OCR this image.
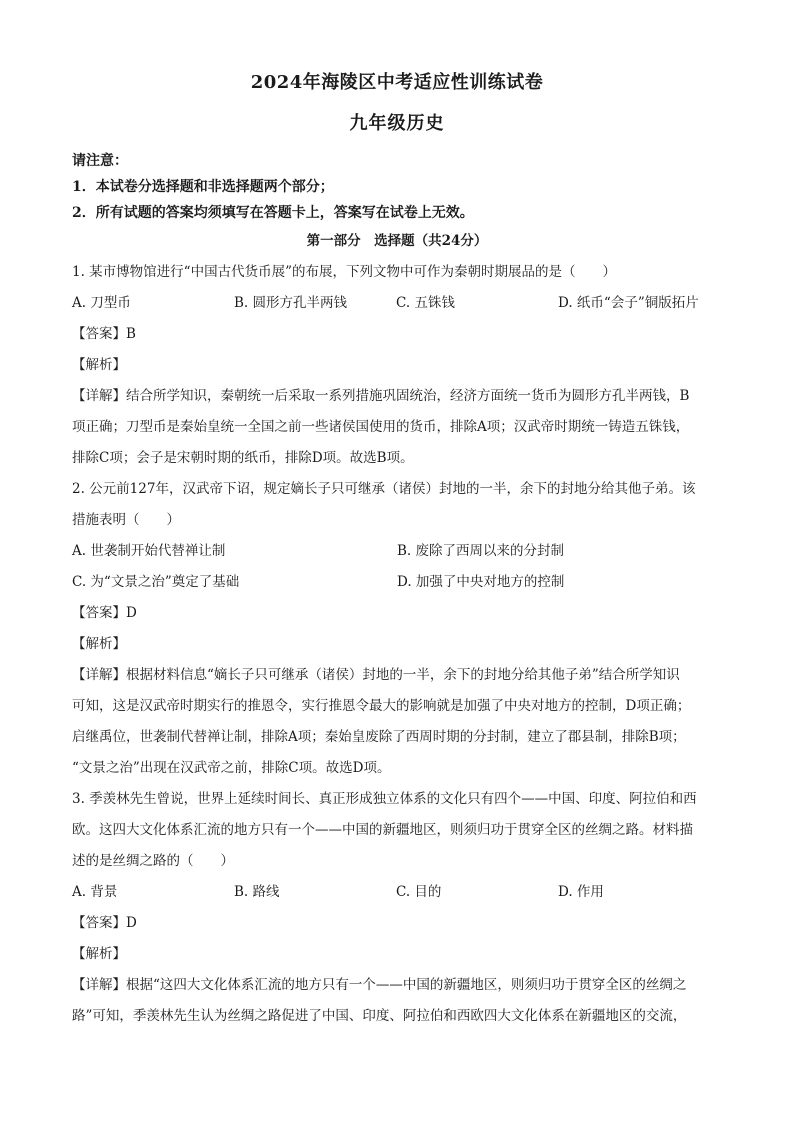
2024年海陵区中考适应性训练试卷
九年级历史
请注意：
1．本试卷分选择题和非选择题两个部分；
2．所有试题的答案均须填写在答题卡上，答案写在试卷上无效。
第一部分　选择题（共24分）
1. 某市博物馆进行“中国古代货币展”的布展，下列文物中可作为秦朝时期展品的是（　　）
A. 刀型币	B. 圆形方孔半两钱	C. 五铢钱	D. 纸币“会子”铜版拓片
【答案】B
【解析】
【详解】结合所学知识，秦朝统一后采取一系列措施巩固统治，经济方面统一货币为圆形方孔半两钱，B
项正确；刀型币是秦始皇统一全国之前一些诸侯国使用的货币，排除A项；汉武帝时期统一铸造五铢钱，
排除C项；会子是宋朝时期的纸币，排除D项。故选B项。
2. 公元前127年，汉武帝下诏，规定嫡长子只可继承（诸侯）封地的一半，余下的封地分给其他子弟。该
措施表明（　　）
A. 世袭制开始代替禅让制	B. 废除了西周以来的分封制
C. 为“文景之治”奠定了基础	D. 加强了中央对地方的控制
【答案】D
【解析】
【详解】根据材料信息“嫡长子只可继承（诸侯）封地的一半，余下的封地分给其他子弟”结合所学知识
可知，这是汉武帝时期实行的推恩令，实行推恩令最大的影响就是加强了中央对地方的控制，D项正确；
启继禹位，世袭制代替禅让制，排除A项；秦始皇废除了西周时期的分封制，建立了郡县制，排除B项；
“文景之治”出现在汉武帝之前，排除C项。故选D项。
3. 季羡林先生曾说，世界上延续时间长、真正形成独立体系的文化只有四个——中国、印度、阿拉伯和西
欧。这四大文化体系汇流的地方只有一个——中国的新疆地区，则须归功于贯穿全区的丝绸之路。材料描
述的是丝绸之路的（　　）
A. 背景	B. 路线	C. 目的	D. 作用
【答案】D
【解析】
【详解】根据“这四大文化体系汇流的地方只有一个——中国的新疆地区，则须归功于贯穿全区的丝绸之
路”可知，季羡林先生认为丝绸之路促进了中国、印度、阿拉伯和西欧四大文化体系在新疆地区的交流，
